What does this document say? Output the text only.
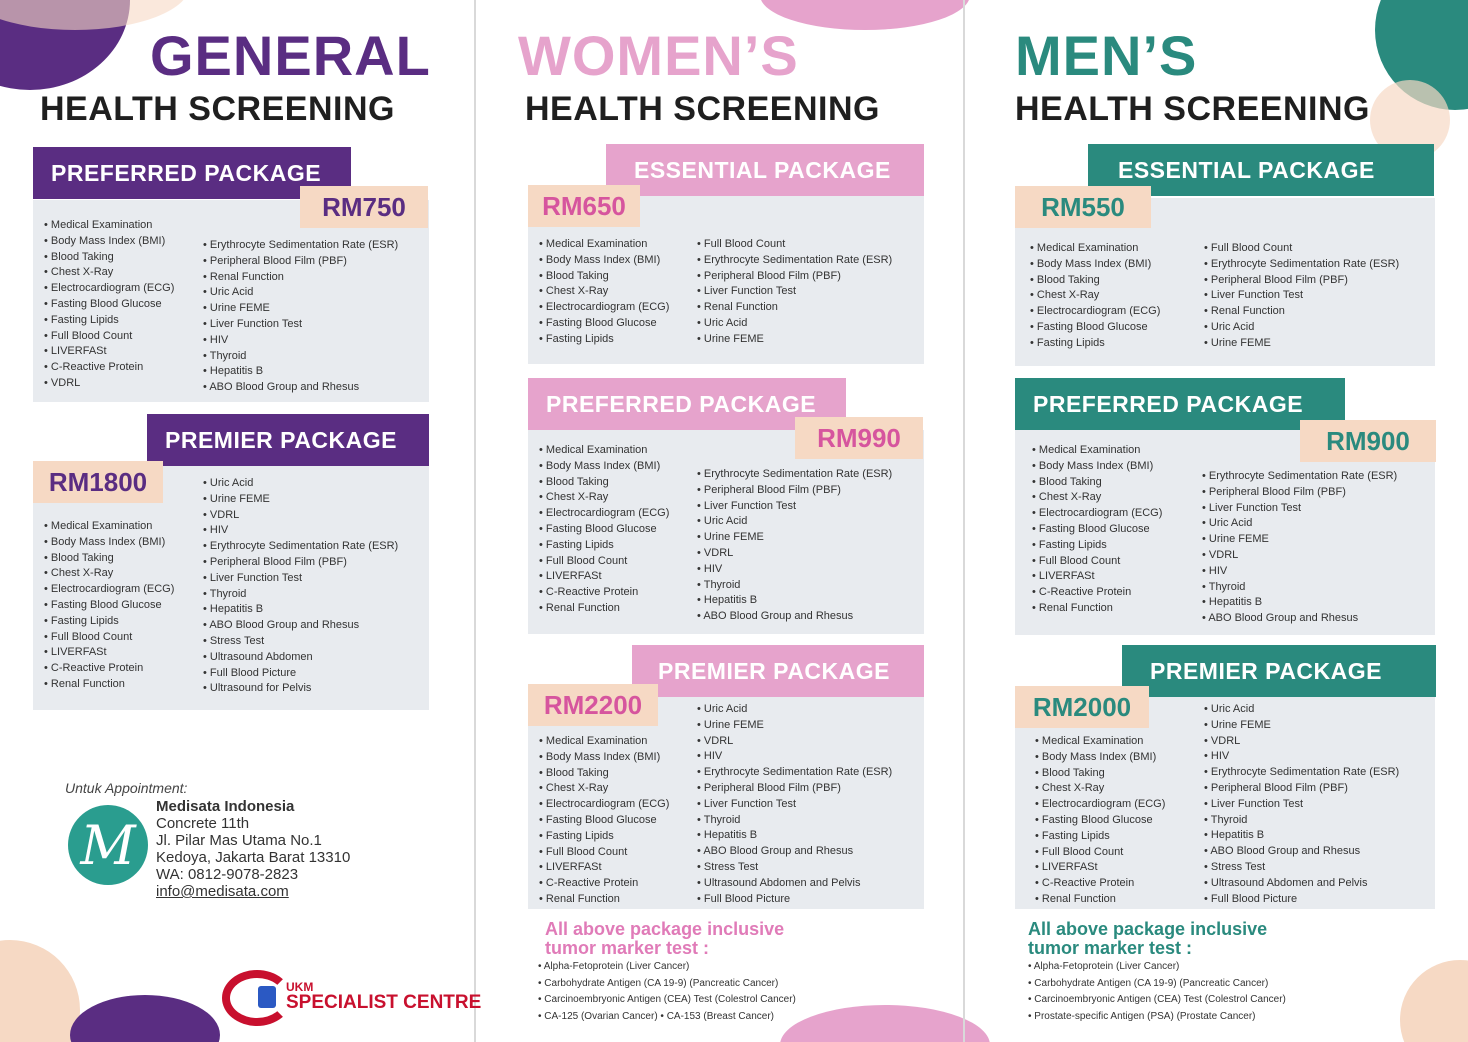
GENERAL
HEALTH SCREENING
PREFERRED PACKAGE
RM750
• Medical Examination
• Body Mass Index (BMI)
• Blood Taking
• Chest X-Ray
• Electrocardiogram (ECG)
• Fasting Blood Glucose
• Fasting Lipids
• Full Blood Count
• LIVERFASt
• C-Reactive Protein
• VDRL
• Erythrocyte Sedimentation Rate (ESR)
• Peripheral Blood Film (PBF)
• Renal Function
• Uric Acid
• Urine FEME
• Liver Function Test
• HIV
• Thyroid
• Hepatitis B
• ABO Blood Group and Rhesus
PREMIER PACKAGE
RM1800
• Medical Examination
• Body Mass Index (BMI)
• Blood Taking
• Chest X-Ray
• Electrocardiogram (ECG)
• Fasting Blood Glucose
• Fasting Lipids
• Full Blood Count
• LIVERFASt
• C-Reactive Protein
• Renal Function
• Uric Acid
• Urine FEME
• VDRL
• HIV
• Erythrocyte Sedimentation Rate (ESR)
• Peripheral Blood Film (PBF)
• Liver Function Test
• Thyroid
• Hepatitis B
• ABO Blood Group and Rhesus
• Stress Test
• Ultrasound Abdomen
• Full Blood Picture
• Ultrasound for Pelvis
Untuk Appointment:
M
Medisata Indonesia
Concrete 11th
Jl. Pilar Mas Utama No.1
Kedoya, Jakarta Barat 13310
WA: 0812-9078-2823
info@medisata.com
UKM
SPECIALIST CENTRE
WOMEN’S
HEALTH SCREENING
ESSENTIAL PACKAGE
RM650
• Medical Examination
• Body Mass Index (BMI)
• Blood Taking
• Chest X-Ray
• Electrocardiogram (ECG)
• Fasting Blood Glucose
• Fasting Lipids
• Full Blood Count
• Erythrocyte Sedimentation Rate (ESR)
• Peripheral Blood Film (PBF)
• Liver Function Test
• Renal Function
• Uric Acid
• Urine FEME
PREFERRED PACKAGE
RM990
• Medical Examination
• Body Mass Index (BMI)
• Blood Taking
• Chest X-Ray
• Electrocardiogram (ECG)
• Fasting Blood Glucose
• Fasting Lipids
• Full Blood Count
• LIVERFASt
• C-Reactive Protein
• Renal Function
• Erythrocyte Sedimentation Rate (ESR)
• Peripheral Blood Film (PBF)
• Liver Function Test
• Uric Acid
• Urine FEME
• VDRL
• HIV
• Thyroid
• Hepatitis B
• ABO Blood Group and Rhesus
PREMIER PACKAGE
RM2200
• Medical Examination
• Body Mass Index (BMI)
• Blood Taking
• Chest X-Ray
• Electrocardiogram (ECG)
• Fasting Blood Glucose
• Fasting Lipids
• Full Blood Count
• LIVERFASt
• C-Reactive Protein
• Renal Function
• Uric Acid
• Urine FEME
• VDRL
• HIV
• Erythrocyte Sedimentation Rate (ESR)
• Peripheral Blood Film (PBF)
• Liver Function Test
• Thyroid
• Hepatitis B
• ABO Blood Group and Rhesus
• Stress Test
• Ultrasound Abdomen and Pelvis
• Full Blood Picture
All above package inclusive
tumor marker test :
• Alpha-Fetoprotein (Liver Cancer)
• Carbohydrate Antigen (CA 19-9) (Pancreatic Cancer)
• Carcinoembryonic Antigen (CEA) Test (Colestrol Cancer)
• CA-125 (Ovarian Cancer) • CA-153 (Breast Cancer)
MEN’S
HEALTH SCREENING
ESSENTIAL PACKAGE
RM550
• Medical Examination
• Body Mass Index (BMI)
• Blood Taking
• Chest X-Ray
• Electrocardiogram (ECG)
• Fasting Blood Glucose
• Fasting Lipids
• Full Blood Count
• Erythrocyte Sedimentation Rate (ESR)
• Peripheral Blood Film (PBF)
• Liver Function Test
• Renal Function
• Uric Acid
• Urine FEME
PREFERRED PACKAGE
RM900
• Medical Examination
• Body Mass Index (BMI)
• Blood Taking
• Chest X-Ray
• Electrocardiogram (ECG)
• Fasting Blood Glucose
• Fasting Lipids
• Full Blood Count
• LIVERFASt
• C-Reactive Protein
• Renal Function
• Erythrocyte Sedimentation Rate (ESR)
• Peripheral Blood Film (PBF)
• Liver Function Test
• Uric Acid
• Urine FEME
• VDRL
• HIV
• Thyroid
• Hepatitis B
• ABO Blood Group and Rhesus
PREMIER PACKAGE
RM2000
• Medical Examination
• Body Mass Index (BMI)
• Blood Taking
• Chest X-Ray
• Electrocardiogram (ECG)
• Fasting Blood Glucose
• Fasting Lipids
• Full Blood Count
• LIVERFASt
• C-Reactive Protein
• Renal Function
• Uric Acid
• Urine FEME
• VDRL
• HIV
• Erythrocyte Sedimentation Rate (ESR)
• Peripheral Blood Film (PBF)
• Liver Function Test
• Thyroid
• Hepatitis B
• ABO Blood Group and Rhesus
• Stress Test
• Ultrasound Abdomen and Pelvis
• Full Blood Picture
All above package inclusive
tumor marker test :
• Alpha-Fetoprotein (Liver Cancer)
• Carbohydrate Antigen (CA 19-9) (Pancreatic Cancer)
• Carcinoembryonic Antigen (CEA) Test (Colestrol Cancer)
• Prostate-specific Antigen (PSA) (Prostate Cancer)
